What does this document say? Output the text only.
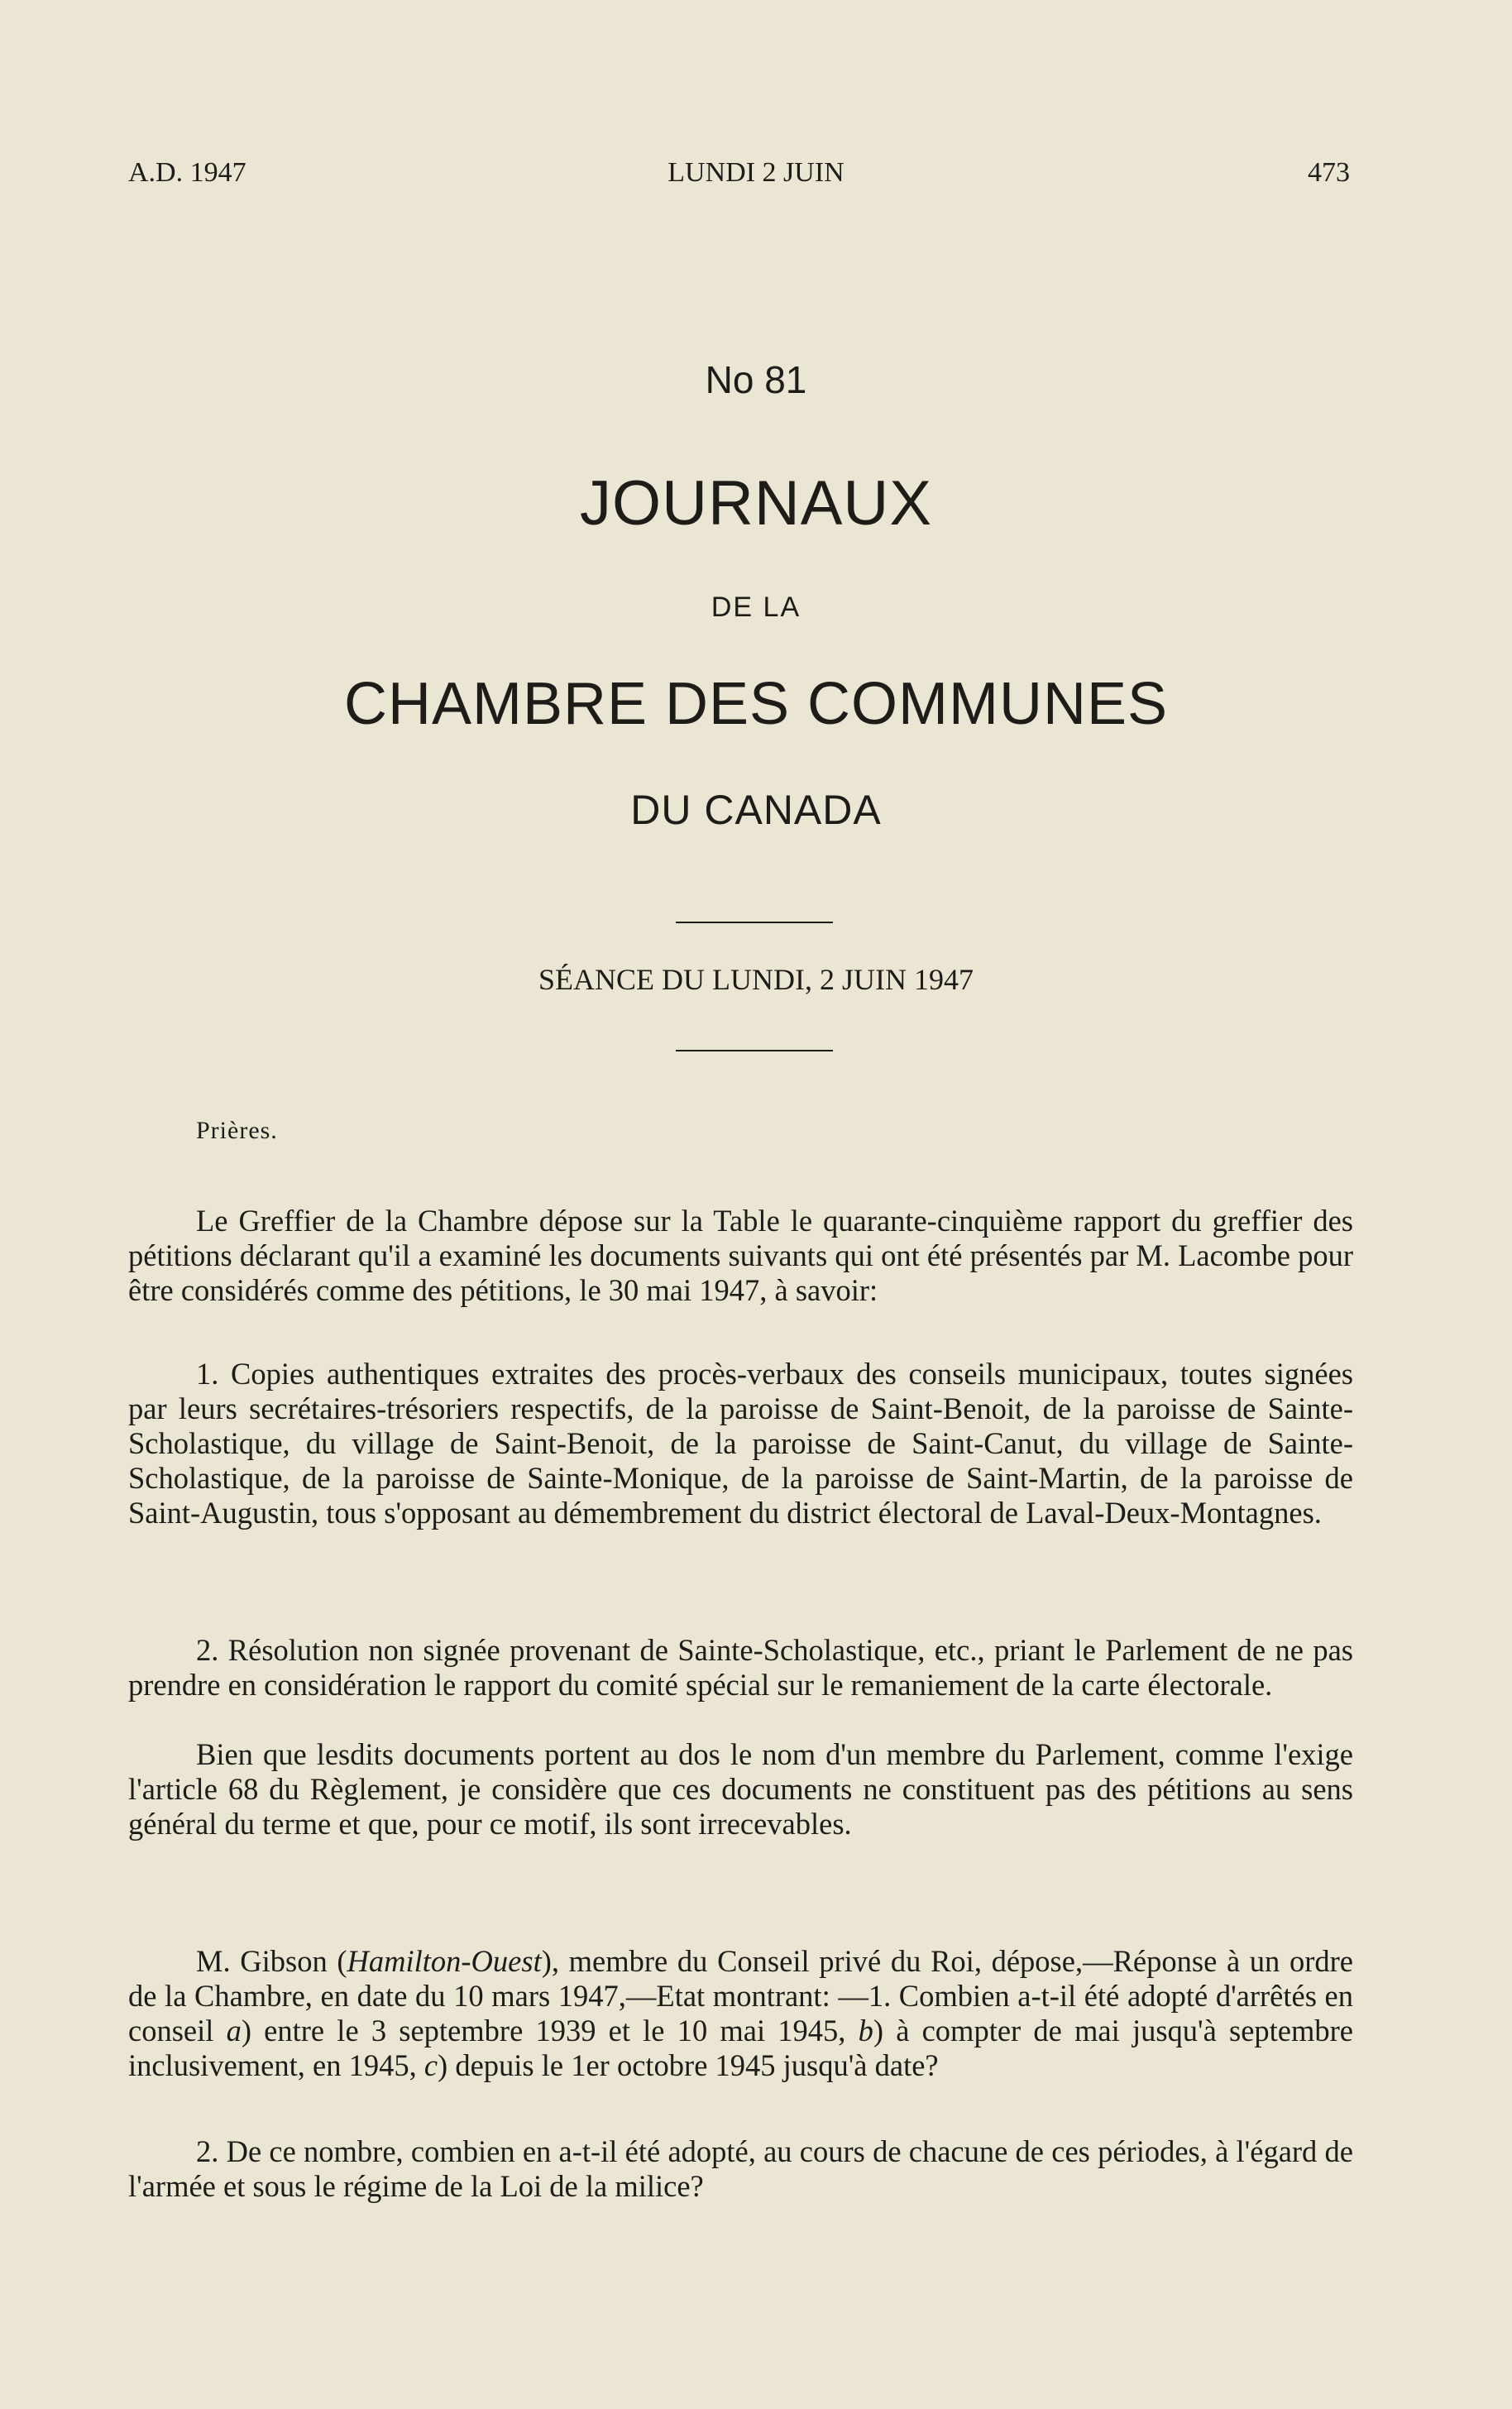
A.D. 1947	LUNDI 2 JUIN	473
No 81
JOURNAUX
DE LA
CHAMBRE DES COMMUNES
DU CANADA
SÉANCE DU LUNDI, 2 JUIN 1947
Prières.

Le Greffier de la Chambre dépose sur la Table le quarante-cinquième rapport du greffier des pétitions déclarant qu'il a examiné les documents suivants qui ont été présentés par M. Lacombe pour être considérés comme des pétitions, le 30 mai 1947, à savoir:

1. Copies authentiques extraites des procès-verbaux des conseils municipaux, toutes signées par leurs secrétaires-trésoriers respectifs, de la paroisse de Saint-Benoit, de la paroisse de Sainte-Scholastique, du village de Saint-Benoit, de la paroisse de Saint-Canut, du village de Sainte-Scholastique, de la paroisse de Sainte-Monique, de la paroisse de Saint-Martin, de la paroisse de Saint-Augustin, tous s'opposant au démembrement du district électoral de Laval-Deux-Montagnes.

2. Résolution non signée provenant de Sainte-Scholastique, etc., priant le Parlement de ne pas prendre en considération le rapport du comité spécial sur le remaniement de la carte électorale.

Bien que lesdits documents portent au dos le nom d'un membre du Parlement, comme l'exige l'article 68 du Règlement, je considère que ces documents ne constituent pas des pétitions au sens général du terme et que, pour ce motif, ils sont irrecevables.

M. Gibson (Hamilton-Ouest), membre du Conseil privé du Roi, dépose,—Réponse à un ordre de la Chambre, en date du 10 mars 1947,—Etat montrant: —1. Combien a-t-il été adopté d'arrêtés en conseil a) entre le 3 septembre 1939 et le 10 mai 1945, b) à compter de mai jusqu'à septembre inclusivement, en 1945, c) depuis le 1er octobre 1945 jusqu'à date?

2. De ce nombre, combien en a-t-il été adopté, au cours de chacune de ces périodes, à l'égard de l'armée et sous le régime de la Loi de la milice?
